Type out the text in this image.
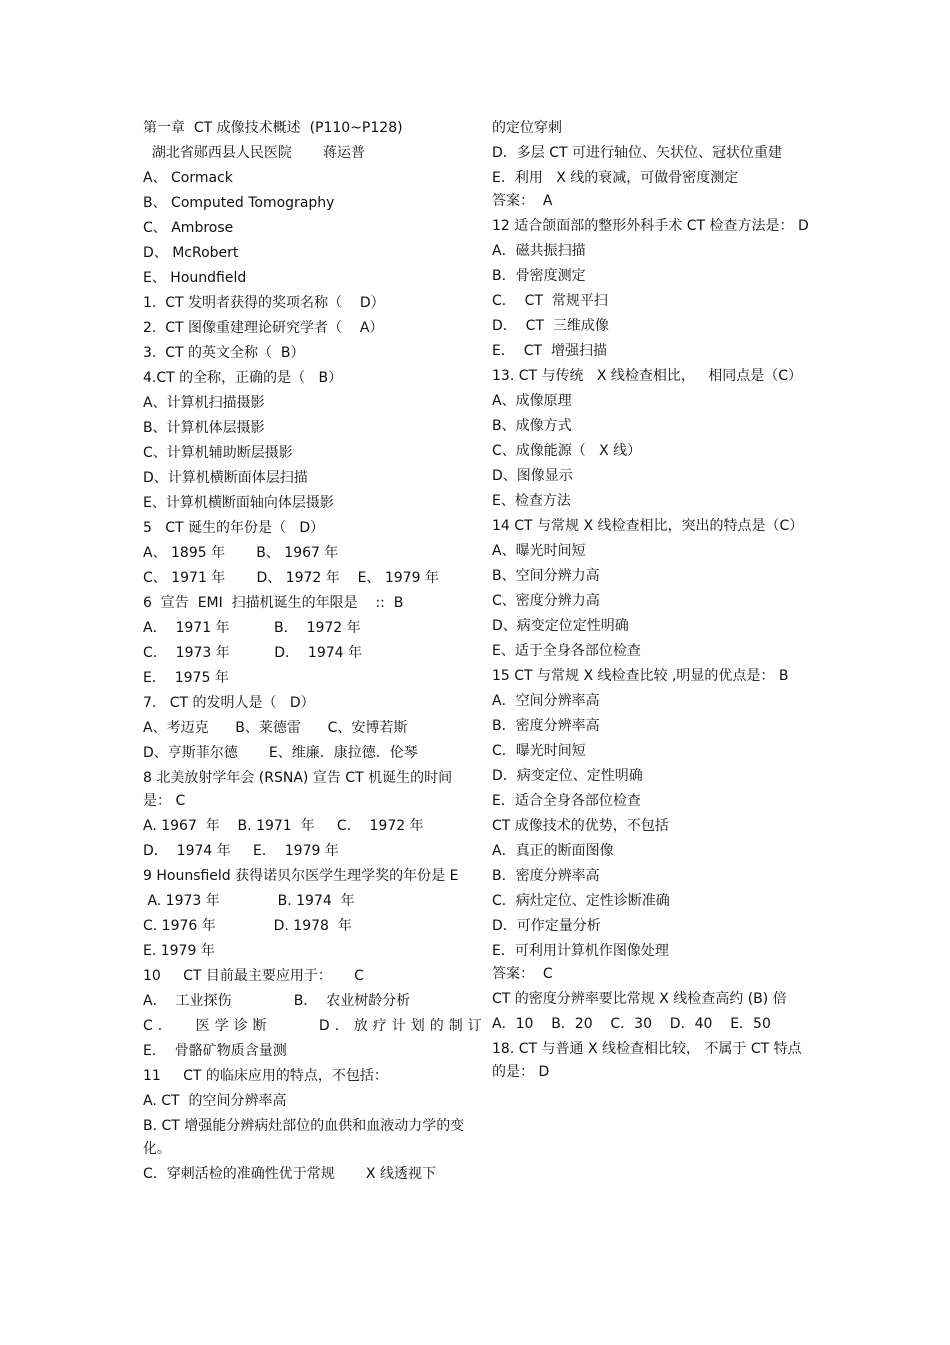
第一章  CT 成像技术概述  (P110~P128)
湖北省郧西县人民医院       蒋运普
A、 Cormack
B、 Computed Tomography
C、 Ambrose
D、 McRobert
E、 Houndfield
1.  CT 发明者获得的奖项名称（    D）
2.  CT 图像重建理论研究学者（    A）
3.  CT 的英文全称（  B）
4.CT 的全称，正确的是（   B）
A、计算机扫描摄影
B、计算机体层摄影
C、计算机辅助断层摄影
D、计算机横断面体层扫描
E、计算机横断面轴向体层摄影
5   CT 诞生的年份是（   D）
A、 1895 年       B、 1967 年
C、 1971 年       D、 1972 年    E、 1979 年
6  宣告  EMI  扫描机诞生的年限是    ::  B
A．  1971 年          B．  1972 年
C．  1973 年          D．  1974 年
E．  1975 年
7.   CT 的发明人是（   D）
A、考迈克      B、莱德雷      C、安博若斯
D、亨斯菲尔德       E、维廉．康拉德．伦琴
8 北美放射学年会 (RSNA) 宣告 CT 机诞生的时间是： C
A. 1967  年    B. 1971  年     C．  1972 年
D．  1974 年     E．  1979 年
9 Hounsfield 获得诺贝尔医学生理学奖的年份是 E
A. 1973 年             B. 1974  年
C. 1976 年             D. 1978  年
E. 1979 年
10     CT 目前最主要应用于：     C
A．  工业探伤              B．  农业树龄分析
C．  医学诊断     D．放疗计划的制订
E．  骨骼矿物质含量测
11     CT 的临床应用的特点，不包括：
A. CT  的空间分辨率高
B. CT 增强能分辨病灶部位的血供和血液动力学的变化。
C．穿刺活检的准确性优于常规       X 线透视下
的定位穿刺
D．多层 CT 可进行轴位、矢状位、冠状位重建
E．利用   X 线的衰减，可做骨密度测定
答案：  A
12 适合颌面部的整形外科手术 CT 检查方法是： D
A．磁共振扫描
B．骨密度测定
C．  CT  常规平扫
D．  CT  三维成像
E．  CT  增强扫描
13. CT 与传统   X 线检查相比，   相同点是（C）
A、成像原理
B、成像方式
C、成像能源（   X 线）
D、图像显示
E、检查方法
14 CT 与常规 X 线检查相比，突出的特点是（C）
A、曝光时间短
B、空间分辨力高
C、密度分辨力高
D、病变定位定性明确
E、适于全身各部位检查
15 CT 与常规 X 线检查比较 ,明显的优点是： B
A．空间分辨率高
B．密度分辨率高
C．曝光时间短
D．病变定位、定性明确
E．适合全身各部位检查
CT 成像技术的优势，不包括
A．真正的断面图像
B．密度分辨率高
C．病灶定位、定性诊断准确
D．可作定量分析
E．可利用计算机作图像处理
答案：  C
CT 的密度分辨率要比常规 X 线检查高约 (B) 倍
A．10    B．20    C．30    D．40    E．50
18. CT 与普通 X 线检查相比较， 不属于 CT 特点的是： D
